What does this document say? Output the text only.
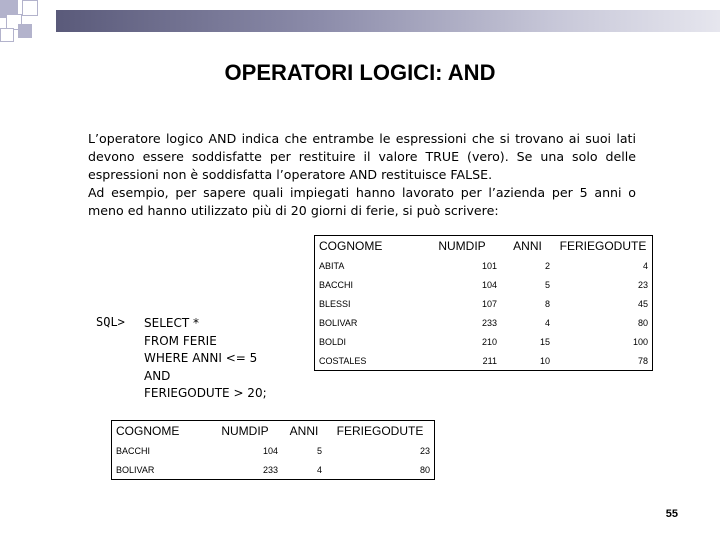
OPERATORI LOGICI: AND

L’operatore logico AND indica che entrambe le espressioni che si trovano ai suoi lati devono essere soddisfatte per restituire il valore TRUE (vero). Se una solo delle espressioni non è soddisfatta l’operatore AND restituisce FALSE.

Ad esempio, per sapere quali impiegati hanno lavorato per l’azienda per 5 anni o meno ed hanno utilizzato più di 20 giorni di ferie, si può scrivere:

COGNOME	NUMDIP	ANNI	FERIEGODUTE
ABITA	101	2	4
BACCHI	104	5	23
BLESSI	107	8	45
BOLIVAR	233	4	80
BOLDI	210	15	100
COSTALES	211	10	78
SQL> SELECT *
FROM FERIE
WHERE ANNI <= 5
AND
FERIEGODUTE > 20;
COGNOME	NUMDIP	ANNI	FERIEGODUTE
BACCHI	104	5	23
BOLIVAR	233	4	80
55
